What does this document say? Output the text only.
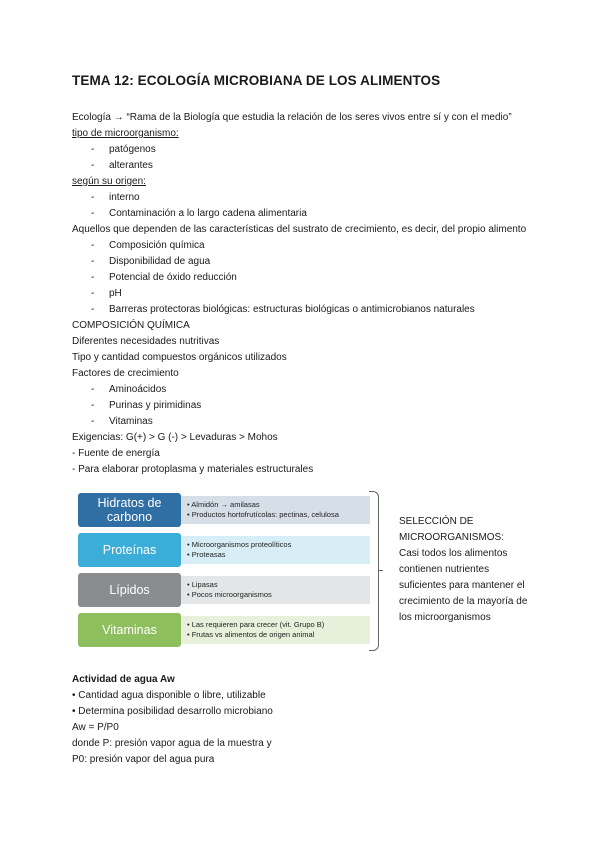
TEMA 12: ECOLOGÍA MICROBIANA DE LOS ALIMENTOS
Ecología → “Rama de la Biología que estudia la relación de los seres vivos entre sí y con el medio”
tipo de microorganismo:
- patógenos
- alterantes
según su origen:
- interno
- Contaminación a lo largo cadena alimentaria
Aquellos que dependen de las características del sustrato de crecimiento, es decir, del propio alimento
- Composición química
- Disponibilidad de agua
- Potencial de óxido reducción
- pH
- Barreras protectoras biológicas: estructuras biológicas o antimicrobianos naturales
COMPOSICIÓN QUÍMICA
Diferentes necesidades nutritivas
Tipo y cantidad compuestos orgánicos utilizados
Factores de crecimiento
- Aminoácidos
- Purinas y pirimidinas
- Vitaminas
Exigencias: G(+) > G (-) > Levaduras > Mohos
- Fuente de energía
- Para elaborar protoplasma y materiales estructurales
• Almidón → amilasas
• Productos hortofrutícolas: pectinas, celulosa
Hidratos de carbono
• Microorganismos proteolíticos
• Proteasas
Proteínas
• Lipasas
• Pocos microorganismos
Lípidos
• Las requieren para crecer (vit. Grupo B)
• Frutas vs alimentos de origen animal
Vitaminas
SELECCIÓN DE MICROORGANISMOS:
Casi todos los alimentos contienen nutrientes suficientes para mantener el crecimiento de la mayoría de los microorganismos
Actividad de agua Aw
• Cantidad agua disponible o libre, utilizable
• Determina posibilidad desarrollo microbiano
Aw = P/P0
donde P: presión vapor agua de la muestra y
P0: presión vapor del agua pura
